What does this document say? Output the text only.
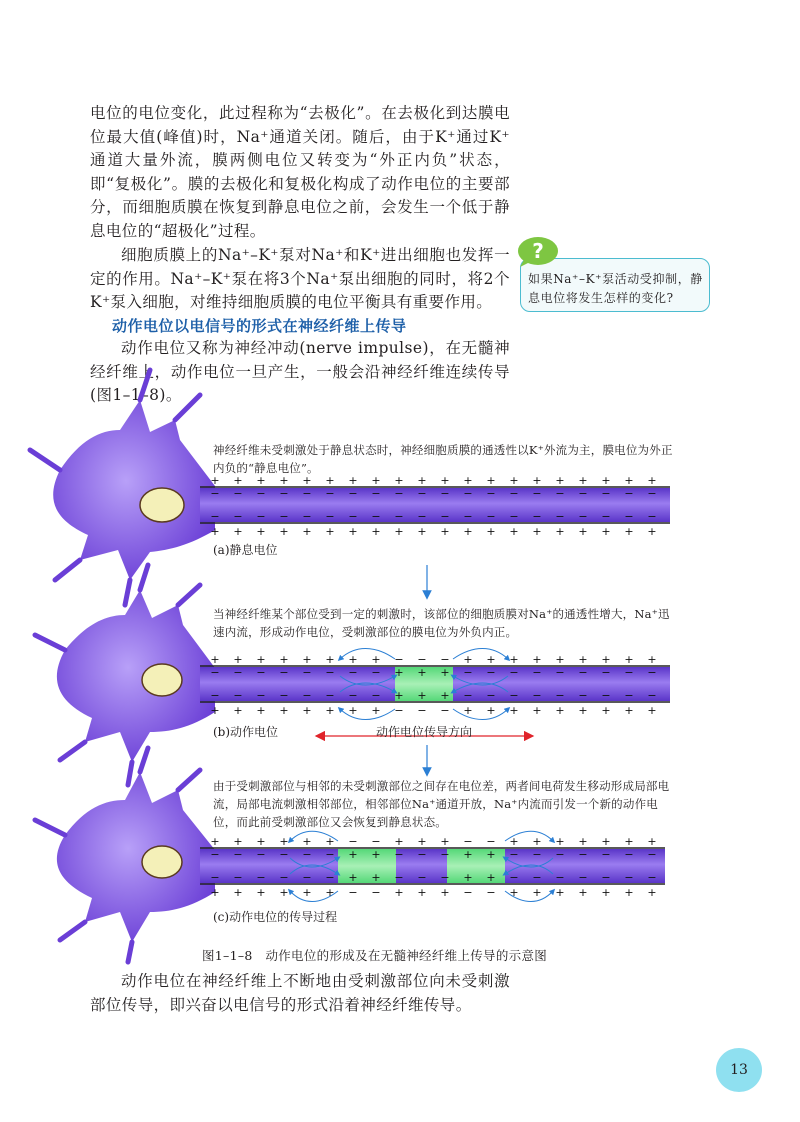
电位的电位变化，此过程称为“去极化”。在去极化到达膜电位最大值(峰值)时，Na⁺通道关闭。随后，由于K⁺通过K⁺通道大量外流，膜两侧电位又转变为“外正内负”状态，即“复极化”。膜的去极化和复极化构成了动作电位的主要部分，而细胞质膜在恢复到静息电位之前，会发生一个低于静息电位的“超极化”过程。

细胞质膜上的Na⁺–K⁺泵对Na⁺和K⁺进出细胞也发挥一定的作用。Na⁺–K⁺泵在将3个Na⁺泵出细胞的同时，将2个K⁺泵入细胞，对维持细胞质膜的电位平衡具有重要作用。

动作电位以电信号的形式在神经纤维上传导

动作电位又称为神经冲动(nerve impulse)，在无髓神经纤维上，动作电位一旦产生，一般会沿神经纤维连续传导(图1–1–8)。

?
如果Na⁺–K⁺泵活动受抑制，静息电位将发生怎样的变化?
+ + + + + + + + + + + + + + + + + + + +
− − − − − − − − − − − − − − − − − − − −
− − − − − − − − − − − − − − − − − − − −
+ + + + + + + + + + + + + + + + + + + +
+ + + + + + + + − − − + + + + + + + + +
− − − − − − − − + + + − − − − − − − − −
− − − − − − − − + + + − − − − − − − − −
+ + + + + + + + − − − + + + + + + + + +
+ + + + + + − − + + + − − + + + + + + +
− − − − − − + + − − − + + − − − − − − −
− − − − − − + + − − − + + − − − − − − −
+ + + + + + − − + + + − − + + + + + + +
神经纤维未受刺激处于静息状态时，神经细胞质膜的通透性以K⁺外流为主，膜电位为外正内负的“静息电位”。
(a)静息电位
当神经纤维某个部位受到一定的刺激时，该部位的细胞质膜对Na⁺的通透性增大，Na⁺迅速内流，形成动作电位，受刺激部位的膜电位为外负内正。
(b)动作电位	动作电位传导方向
由于受刺激部位与相邻的未受刺激部位之间存在电位差，两者间电荷发生移动形成局部电流，局部电流刺激相邻部位，相邻部位Na⁺通道开放，Na⁺内流而引发一个新的动作电位，而此前受刺激部位又会恢复到静息状态。
(c)动作电位的传导过程
图1–1–8　动作电位的形成及在无髓神经纤维上传导的示意图

动作电位在神经纤维上不断地由受刺激部位向未受刺激部位传导，即兴奋以电信号的形式沿着神经纤维传导。

13
